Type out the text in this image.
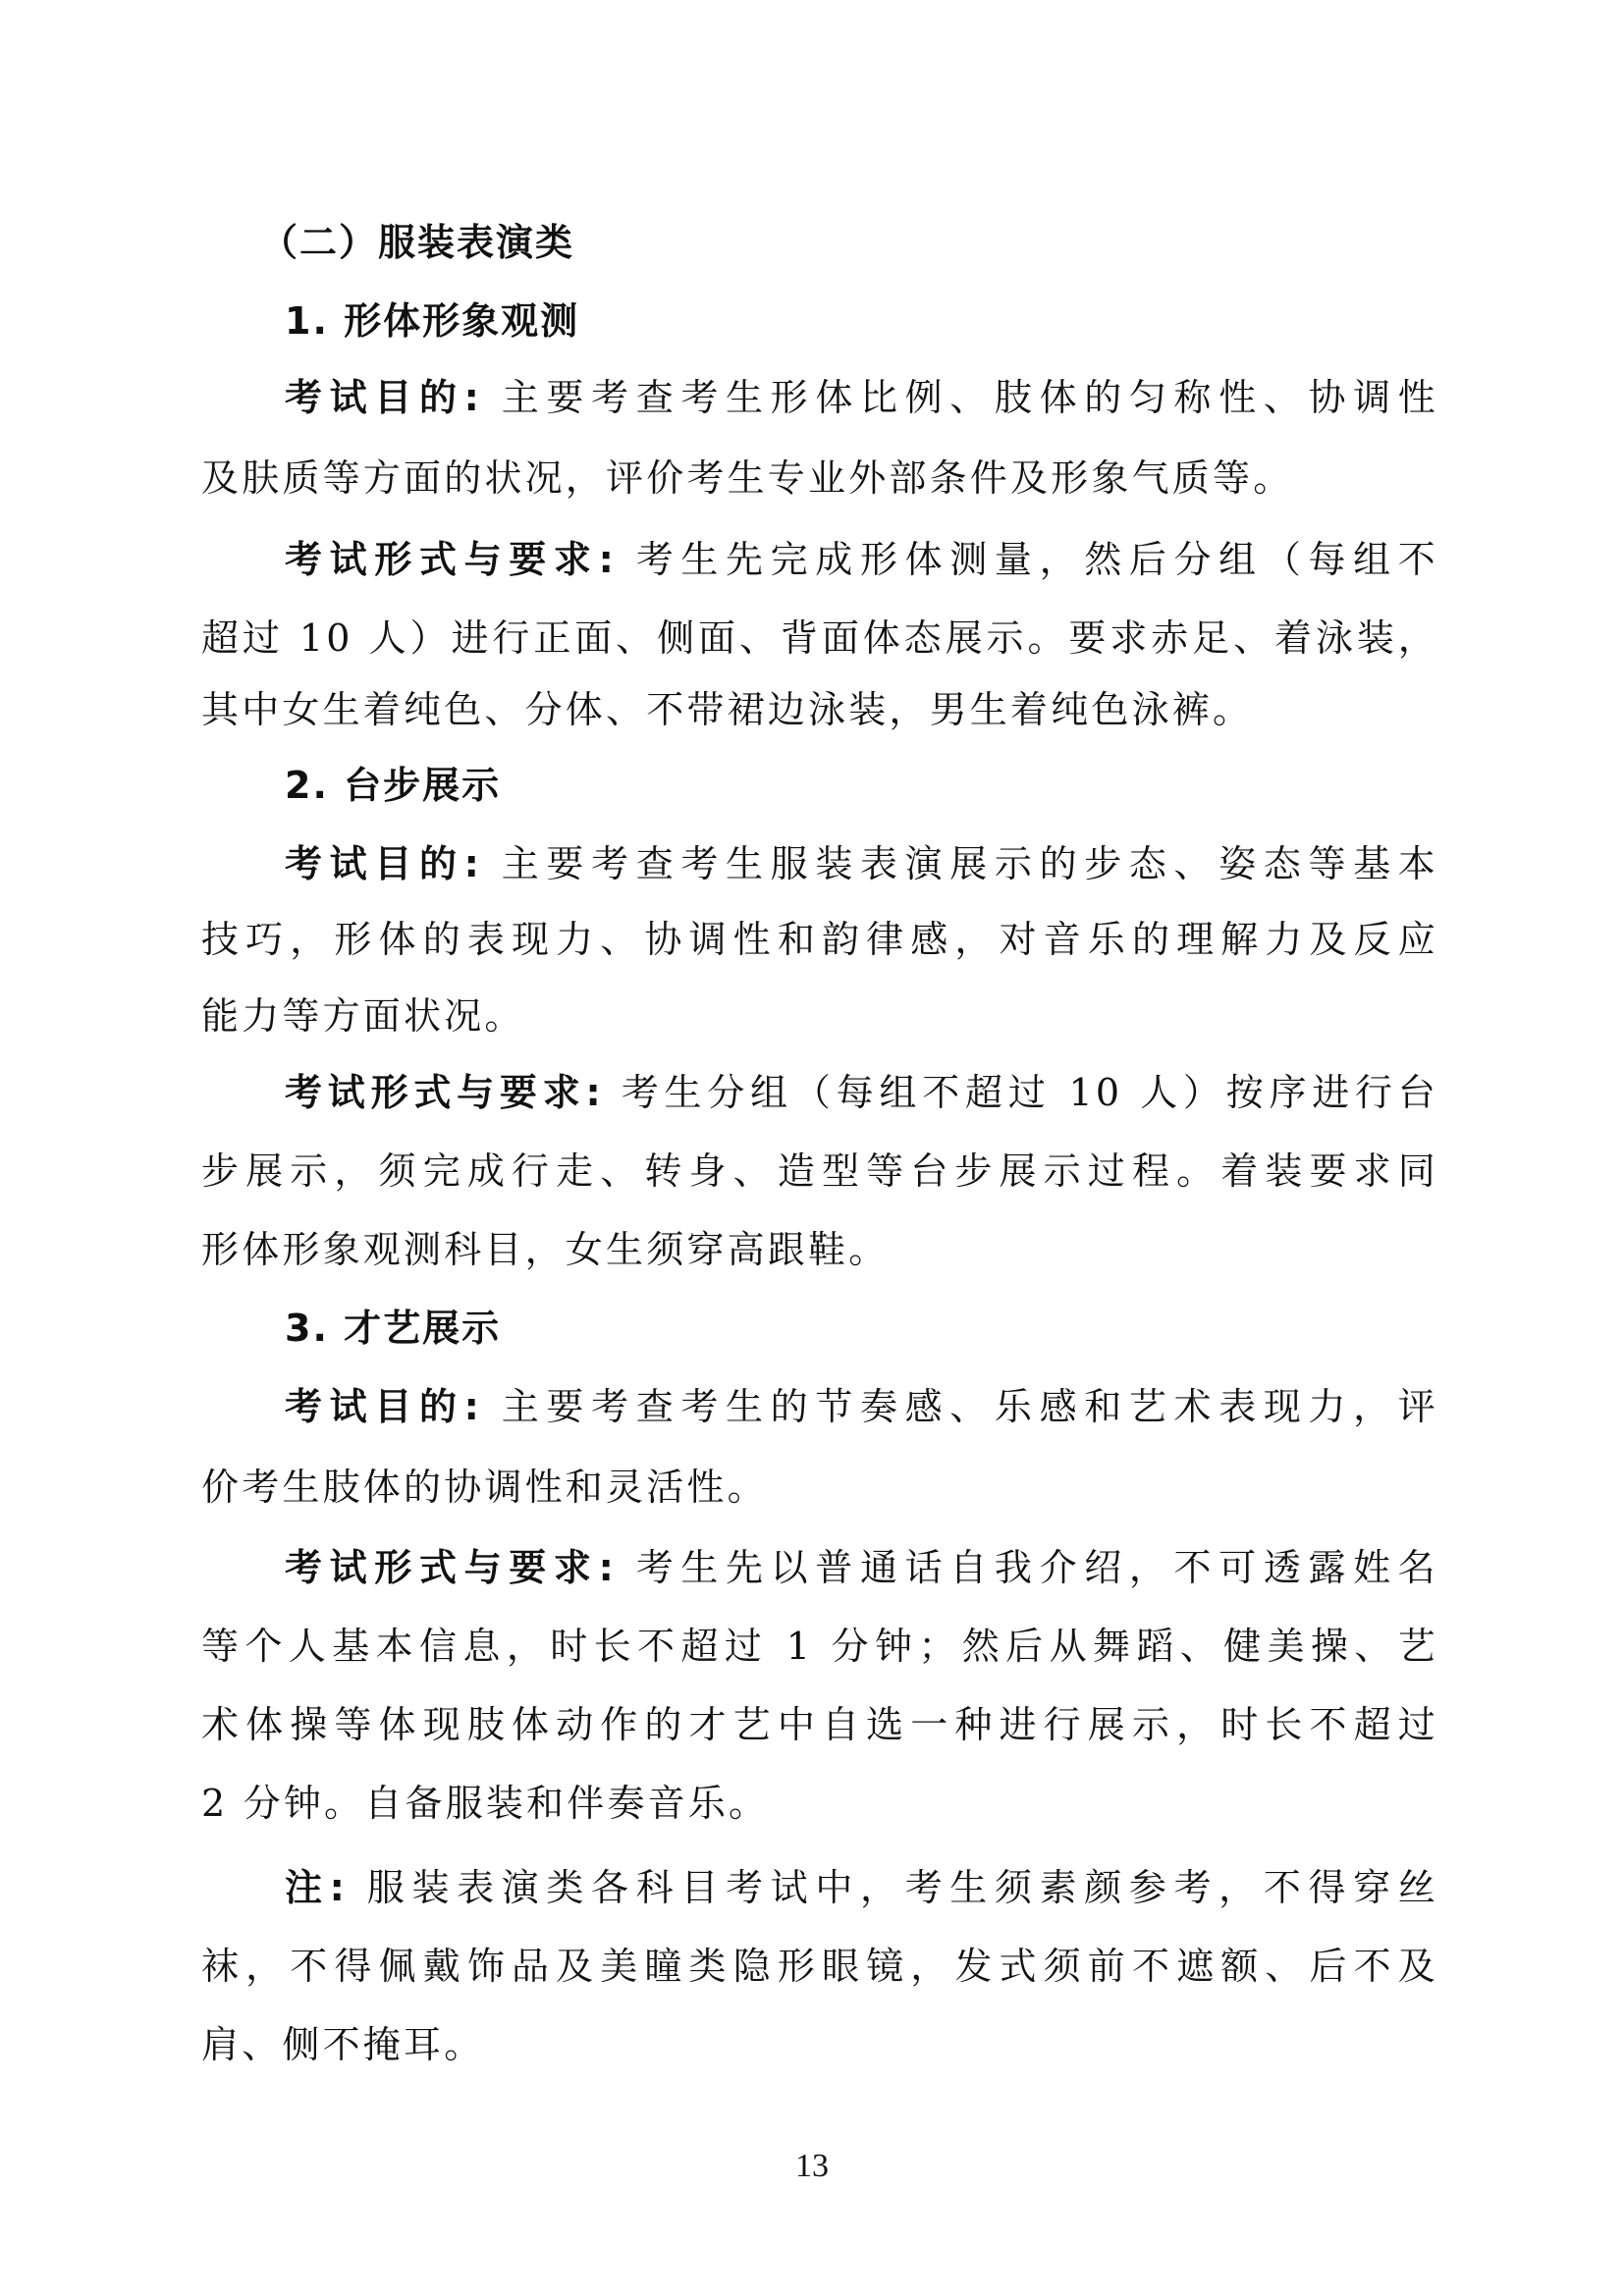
（二）服装表演类
1. 形体形象观测
考试目的: 主要考查考生形体比例、肢体的匀称性、协调性
及肤质等方面的状况，评价考生专业外部条件及形象气质等。
考试形式与要求: 考生先完成形体测量，然后分组（每组不
超过 10 人）进行正面、侧面、背面体态展示。要求赤足、着泳装，
其中女生着纯色、分体、不带裙边泳装，男生着纯色泳裤。
2. 台步展示
考试目的: 主要考查考生服装表演展示的步态、姿态等基本
技巧，形体的表现力、协调性和韵律感，对音乐的理解力及反应
能力等方面状况。
考试形式与要求: 考生分组（每组不超过 10 人）按序进行台
步展示，须完成行走、转身、造型等台步展示过程。着装要求同
形体形象观测科目，女生须穿高跟鞋。
3. 才艺展示
考试目的: 主要考查考生的节奏感、乐感和艺术表现力，评
价考生肢体的协调性和灵活性。
考试形式与要求: 考生先以普通话自我介绍，不可透露姓名
等个人基本信息，时长不超过 1 分钟；然后从舞蹈、健美操、艺
术体操等体现肢体动作的才艺中自选一种进行展示，时长不超过
2 分钟。自备服装和伴奏音乐。
注: 服装表演类各科目考试中，考生须素颜参考，不得穿丝
袜，不得佩戴饰品及美瞳类隐形眼镜，发式须前不遮额、后不及
肩、侧不掩耳。
13
